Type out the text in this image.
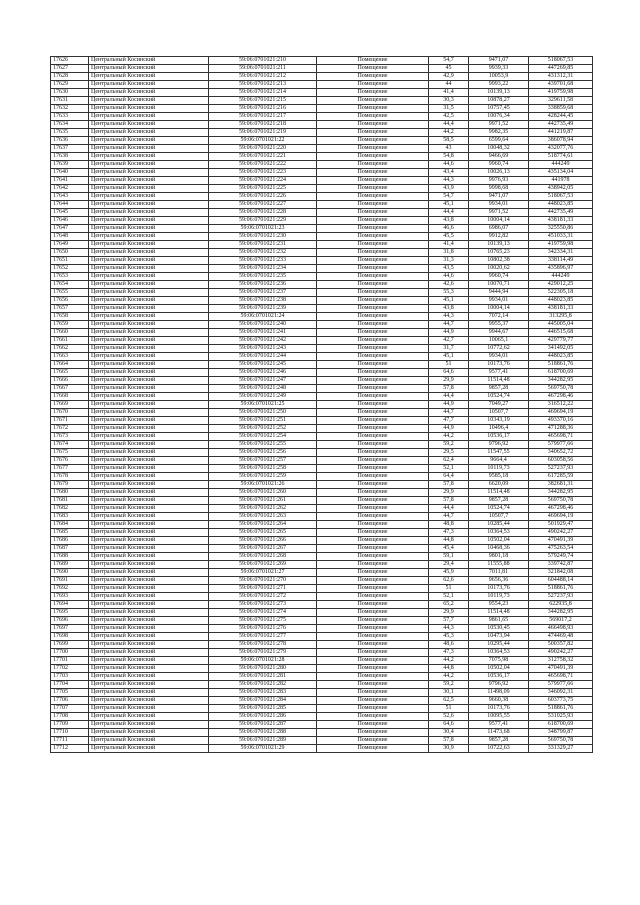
17626	Центральный Косинский	59:06:0701021:210	Помещение	54,7	9471,07	518067,53
17627	Центральный Косинский	59:06:0701021:211	Помещение	45	9939,33	447269,85
17628	Центральный Косинский	59:06:0701021:212	Помещение	42,9	10053,9	431312,31
17629	Центральный Косинский	59:06:0701021:213	Помещение	44	9993,22	439701,68
17630	Центральный Косинский	59:06:0701021:214	Помещение	41,4	10139,13	419759,98
17631	Центральный Косинский	59:06:0701021:215	Помещение	30,3	10878,27	329611,58
17632	Центральный Косинский	59:06:0701021:216	Помещение	31,5	10757,45	338859,68
17633	Центральный Косинский	59:06:0701021:217	Помещение	42,5	10076,34	428244,45
17634	Центральный Косинский	59:06:0701021:218	Помещение	44,4	9971,52	442735,49
17635	Центральный Косинский	59:06:0701021:219	Помещение	44,2	9982,35	441219,87
17636	Центральный Косинский	59:06:0701021:22	Помещение	58,5	6599,64	386078,94
17637	Центральный Косинский	59:06:0701021:220	Помещение	43	10048,32	432077,76
17638	Центральный Косинский	59:06:0701021:221	Помещение	54,8	9466,69	518774,61
17639	Центральный Косинский	59:06:0701021:222	Помещение	44,6	9960,74	444249
17640	Центральный Косинский	59:06:0701021:223	Помещение	43,4	10026,13	435134,04
17641	Центральный Косинский	59:06:0701021:224	Помещение	44,3	9976,93	441978
17642	Центральный Косинский	59:06:0701021:225	Помещение	43,9	9998,68	438942,05
17643	Центральный Косинский	59:06:0701021:226	Помещение	54,7	9471,07	518067,53
17644	Центральный Косинский	59:06:0701021:227	Помещение	45,1	9934,01	448023,85
17645	Центральный Косинский	59:06:0701021:228	Помещение	44,4	9971,52	442735,49
17646	Центральный Косинский	59:06:0701021:229	Помещение	43,8	10004,14	438181,33
17647	Центральный Косинский	59:06:0701021:23	Помещение	46,6	6986,07	325550,86
17648	Центральный Косинский	59:06:0701021:230	Помещение	45,5	9912,82	451033,31
17649	Центральный Косинский	59:06:0701021:231	Помещение	41,4	10139,13	419759,98
17650	Центральный Косинский	59:06:0701021:232	Помещение	31,8	10765,23	342334,31
17651	Центральный Косинский	59:06:0701021:233	Помещение	31,3	10802,38	338114,49
17652	Центральный Косинский	59:06:0701021:234	Помещение	43,5	10020,62	435896,97
17653	Центральный Косинский	59:06:0701021:235	Помещение	44,6	9960,74	444249
17654	Центральный Косинский	59:06:0701021:236	Помещение	42,6	10070,71	429012,25
17655	Центральный Косинский	59:06:0701021:237	Помещение	55,3	9444,94	522305,18
17656	Центральный Косинский	59:06:0701021:238	Помещение	45,1	9934,01	448023,85
17657	Центральный Косинский	59:06:0701021:239	Помещение	43,8	10004,14	438181,33
17658	Центральный Косинский	59:06:0701021:24	Помещение	44,3	7072,14	313295,8
17659	Центральный Косинский	59:06:0701021:240	Помещение	44,7	9955,37	445005,04
17660	Центральный Косинский	59:06:0701021:241	Помещение	44,9	9944,67	446515,68
17661	Центральный Косинский	59:06:0701021:242	Помещение	42,7	10065,1	429779,77
17662	Центральный Косинский	59:06:0701021:243	Помещение	31,7	10772,62	341492,05
17663	Центральный Косинский	59:06:0701021:244	Помещение	45,1	9934,01	448023,85
17664	Центральный Косинский	59:06:0701021:245	Помещение	51	10173,76	518861,76
17665	Центральный Косинский	59:06:0701021:246	Помещение	64,6	9577,41	618700,69
17666	Центральный Косинский	59:06:0701021:247	Помещение	29,9	11514,48	344282,95
17667	Центральный Косинский	59:06:0701021:248	Помещение	57,8	9857,28	569750,78
17668	Центральный Косинский	59:06:0701021:249	Помещение	44,4	10524,74	467298,46
17669	Центральный Косинский	59:06:0701021:25	Помещение	44,9	7049,27	316512,22
17670	Центральный Косинский	59:06:0701021:250	Помещение	44,7	10507,7	469694,19
17671	Центральный Косинский	59:06:0701021:251	Помещение	47,7	10343,19	493370,16
17672	Центральный Косинский	59:06:0701021:252	Помещение	44,9	10496,4	471288,36
17673	Центральный Косинский	59:06:0701021:254	Помещение	44,2	10536,17	465698,71
17674	Центральный Косинский	59:06:0701021:255	Помещение	59,2	9796,92	579977,66
17675	Центральный Косинский	59:06:0701021:256	Помещение	29,5	11547,55	340652,72
17676	Центральный Косинский	59:06:0701021:257	Помещение	62,4	9664,4	603058,56
17677	Центральный Косинский	59:06:0701021:258	Помещение	52,1	10119,73	527237,93
17678	Центральный Косинский	59:06:0701021:259	Помещение	64,4	9585,18	617285,59
17679	Центральный Косинский	59:06:0701021:26	Помещение	57,8	6620,09	382681,31
17680	Центральный Косинский	59:06:0701021:260	Помещение	29,9	11514,48	344282,95
17681	Центральный Косинский	59:06:0701021:261	Помещение	57,8	9857,28	569750,78
17682	Центральный Косинский	59:06:0701021:262	Помещение	44,4	10524,74	467298,46
17683	Центральный Косинский	59:06:0701021:263	Помещение	44,7	10507,7	469694,19
17684	Центральный Косинский	59:06:0701021:264	Помещение	48,8	10285,44	501929,47
17685	Центральный Косинский	59:06:0701021:265	Помещение	47,3	10364,53	490242,27
17686	Центральный Косинский	59:06:0701021:266	Помещение	44,8	10502,04	470491,39
17687	Центральный Косинский	59:06:0701021:267	Помещение	45,4	10468,36	475263,54
17688	Центральный Косинский	59:06:0701021:268	Помещение	59,1	9801,18	579249,74
17689	Центральный Косинский	59:06:0701021:269	Помещение	29,4	11555,88	339742,87
17690	Центральный Косинский	59:06:0701021:27	Помещение	45,9	7011,81	321842,08
17691	Центральный Косинский	59:06:0701021:270	Помещение	62,6	9656,36	604488,14
17692	Центральный Косинский	59:06:0701021:271	Помещение	51	10173,76	518861,76
17693	Центральный Косинский	59:06:0701021:272	Помещение	52,1	10119,73	527237,93
17694	Центральный Косинский	59:06:0701021:273	Помещение	65,2	9554,23	622935,8
17695	Центральный Косинский	59:06:0701021:274	Помещение	29,9	11514,48	344282,95
17696	Центральный Косинский	59:06:0701021:275	Помещение	57,7	9861,65	569017,2
17697	Центральный Косинский	59:06:0701021:276	Помещение	44,3	10530,45	466498,93
17698	Центральный Косинский	59:06:0701021:277	Помещение	45,3	10473,94	474469,48
17699	Центральный Косинский	59:06:0701021:278	Помещение	48,6	10295,44	500357,82
17700	Центральный Косинский	59:06:0701021:279	Помещение	47,3	10364,53	490242,27
17701	Центральный Косинский	59:06:0701021:28	Помещение	44,2	7075,98	312758,32
17702	Центральный Косинский	59:06:0701021:280	Помещение	44,8	10502,04	470491,39
17703	Центральный Косинский	59:06:0701021:281	Помещение	44,2	10536,17	465698,71
17704	Центральный Косинский	59:06:0701021:282	Помещение	59,2	9796,92	579977,66
17705	Центральный Косинский	59:06:0701021:283	Помещение	30,1	11498,09	346092,31
17706	Центральный Косинский	59:06:0701021:284	Помещение	62,5	9660,38	603773,75
17707	Центральный Косинский	59:06:0701021:285	Помещение	51	10173,76	518861,76
17708	Центральный Косинский	59:06:0701021:286	Помещение	52,6	10095,55	531025,93
17709	Центральный Косинский	59:06:0701021:287	Помещение	64,6	9577,41	618700,69
17710	Центральный Косинский	59:06:0701021:288	Помещение	30,4	11473,68	348799,87
17711	Центральный Косинский	59:06:0701021:289	Помещение	57,8	9857,28	569750,78
17712	Центральный Косинский	59:06:0701021:29	Помещение	30,9	10722,63	331329,27
